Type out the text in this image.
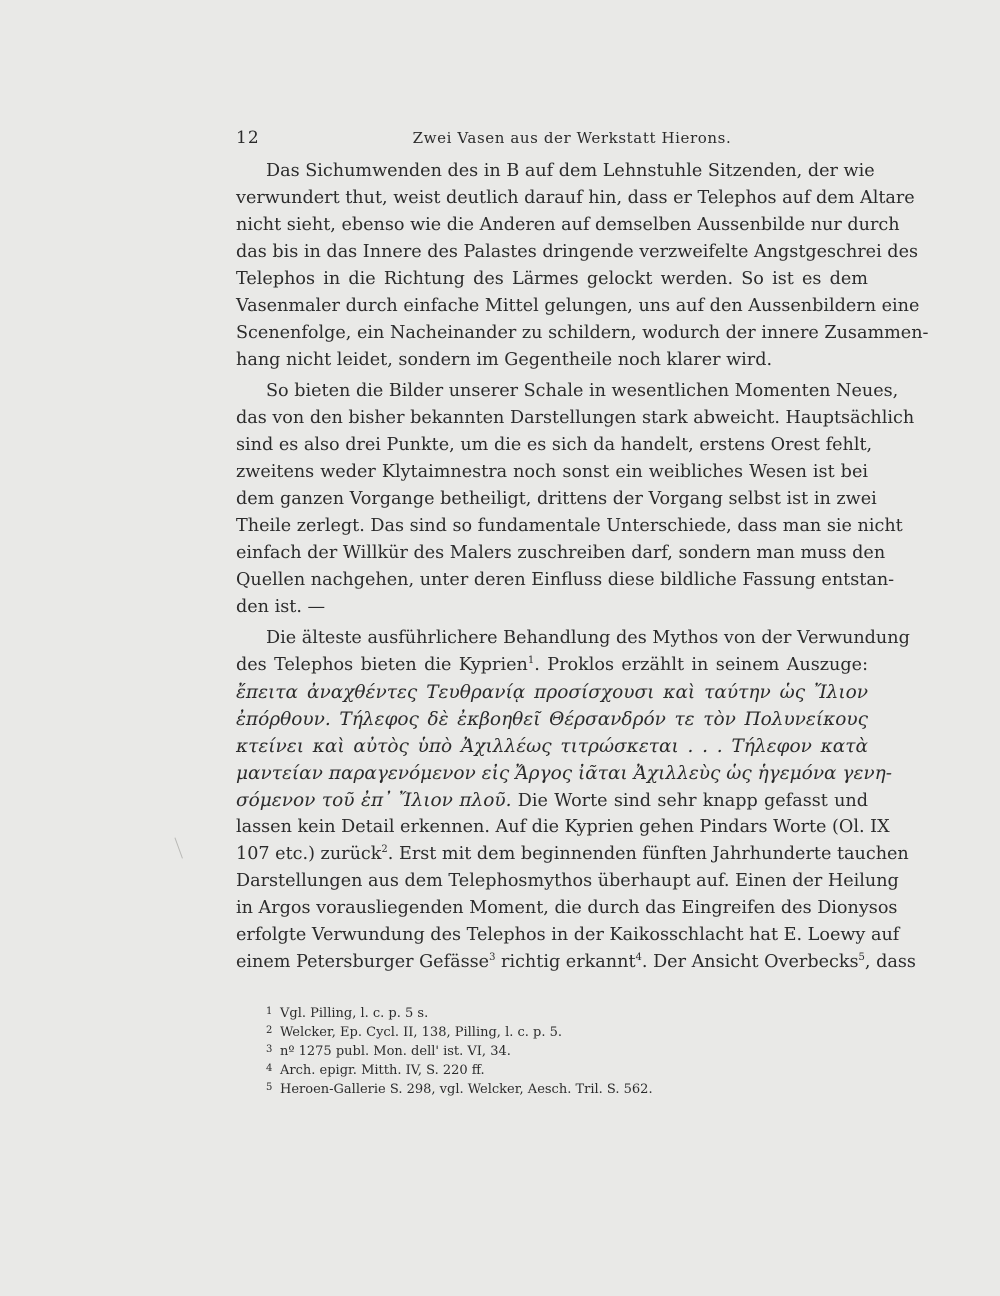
12	Zwei Vasen aus der Werkstatt Hierons.
Das Sichumwenden des in B auf dem Lehnstuhle Sitzenden, der wie
verwundert thut, weist deutlich darauf hin, dass er Telephos auf dem Altare
nicht sieht, ebenso wie die Anderen auf demselben Aussenbilde nur durch
das bis in das Innere des Palastes dringende verzweifelte Angstgeschrei des
Telephos in die Richtung des Lärmes gelockt werden. So ist es dem
Vasenmaler durch einfache Mittel gelungen, uns auf den Aussenbildern eine
Scenenfolge, ein Nacheinander zu schildern, wodurch der innere Zusammen-
hang nicht leidet, sondern im Gegentheile noch klarer wird.
So bieten die Bilder unserer Schale in wesentlichen Momenten Neues,
das von den bisher bekannten Darstellungen stark abweicht. Hauptsächlich
sind es also drei Punkte, um die es sich da handelt, erstens Orest fehlt,
zweitens weder Klytaimnestra noch sonst ein weibliches Wesen ist bei
dem ganzen Vorgange betheiligt, drittens der Vorgang selbst ist in zwei
Theile zerlegt. Das sind so fundamentale Unterschiede, dass man sie nicht
einfach der Willkür des Malers zuschreiben darf, sondern man muss den
Quellen nachgehen, unter deren Einfluss diese bildliche Fassung entstan-
den ist. —
Die älteste ausführlichere Behandlung des Mythos von der Verwundung
des Telephos bieten die Kyprien$^1$. Proklos erzählt in seinem Auszuge:
ἔπειτα ἀναχθέντες Τευθρανίᾳ προσίσχουσι καὶ ταύτην ὡς Ἴλιον
ἐπόρθουν. Τήλεφος δὲ ἐκβοηθεῖ Θέρσανδρόν τε τὸν Πολυνείκους
κτείνει καὶ αὐτὸς ὑπὸ Ἀχιλλέως τιτρώσκεται . . . Τήλεφον κατὰ
μαντείαν παραγενόμενον εἰς Ἄργος ἰᾶται Ἀχιλλεὺς ὡς ἡγεμόνα γενη-
σόμενον τοῦ ἐπ᾽ Ἴλιον πλοῦ. Die Worte sind sehr knapp gefasst und
lassen kein Detail erkennen. Auf die Kyprien gehen Pindars Worte (Ol. IX
107 etc.) zurück$^2$. Erst mit dem beginnenden fünften Jahrhunderte tauchen
Darstellungen aus dem Telephosmythos überhaupt auf. Einen der Heilung
in Argos vorausliegenden Moment, die durch das Eingreifen des Dionysos
erfolgte Verwundung des Telephos in der Kaikosschlacht hat E. Loewy auf
einem Petersburger Gefässe$^3$ richtig erkannt$^4$. Der Ansicht Overbecks$^5$, dass
1 Vgl. Pilling, l. c. p. 5 s.
2 Welcker, Ep. Cycl. II, 138, Pilling, l. c. p. 5.
3 nº 1275 publ. Mon. dell' ist. VI, 34.
4 Arch. epigr. Mitth. IV, S. 220 ff.
5 Heroen-Gallerie S. 298, vgl. Welcker, Aesch. Tril. S. 562.
